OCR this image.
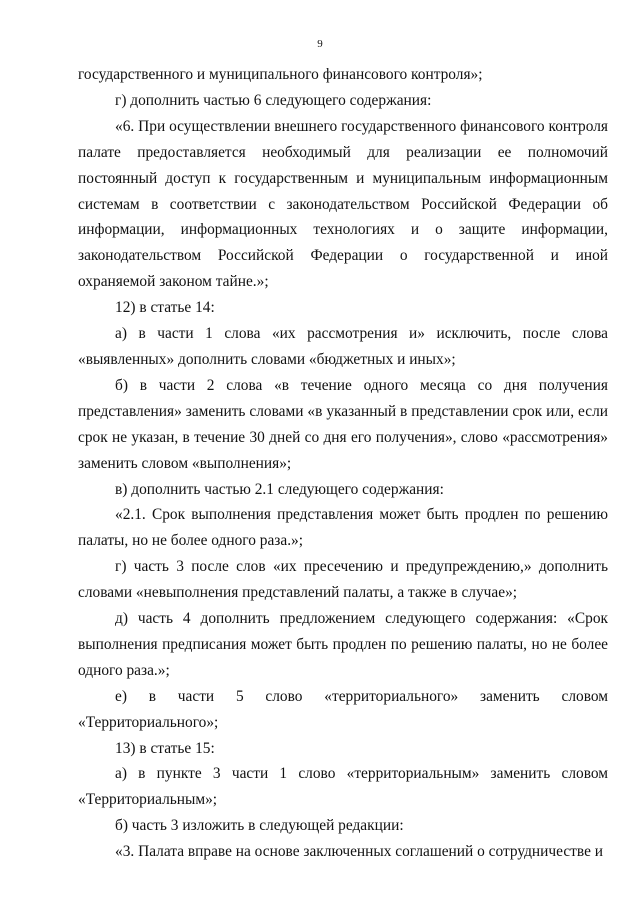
9

государственного и муниципального финансового контроля»;

г) дополнить частью 6 следующего содержания:

«6. При осуществлении внешнего государственного финансового контроля палате предоставляется необходимый для реализации ее полномочий постоянный доступ к государственным и муниципальным информационным системам в соответствии с законодательством Российской Федерации об информации, информационных технологиях и о защите информации, законодательством Российской Федерации о государственной и иной охраняемой законом тайне.»;

12) в статье 14:

а) в части 1 слова «их рассмотрения и» исключить, после слова «выявленных» дополнить словами «бюджетных и иных»;

б) в части 2 слова «в течение одного месяца со дня получения представления» заменить словами «в указанный в представлении срок или, если срок не указан, в течение 30 дней со дня его получения», слово «рассмотрения» заменить словом «выполнения»;

в) дополнить частью 2.1 следующего содержания:

«2.1. Срок выполнения представления может быть продлен по решению палаты, но не более одного раза.»;

г) часть 3 после слов «их пресечению и предупреждению,» дополнить словами «невыполнения представлений палаты, а также в случае»;

д) часть 4 дополнить предложением следующего содержания: «Срок выполнения предписания может быть продлен по решению палаты, но не более одного раза.»;

е) в части 5 слово «территориального» заменить словом «Территориального»;

13) в статье 15:

а) в пункте 3 части 1 слово «территориальным» заменить словом «Территориальным»;

б) часть 3 изложить в следующей редакции:

«3. Палата вправе на основе заключенных соглашений о сотрудничестве и
